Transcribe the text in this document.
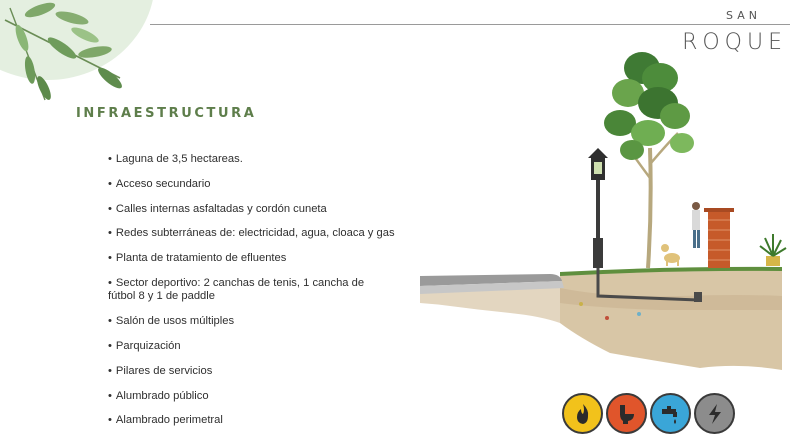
SAN
ROQUE
INFRAESTRUCTURA
• Laguna de 3,5 hectareas.
• Acceso secundario
• Calles internas asfaltadas y cordón cuneta
• Redes subterráneas de: electricidad, agua, cloaca y gas
• Planta de tratamiento de efluentes
• Sector deportivo: 2 canchas de tenis, 1 cancha de fútbol 8 y 1 de paddle
• Salón de usos múltiples
• Parquización
• Pilares de servicios
• Alumbrado público
• Alambrado perimetral
